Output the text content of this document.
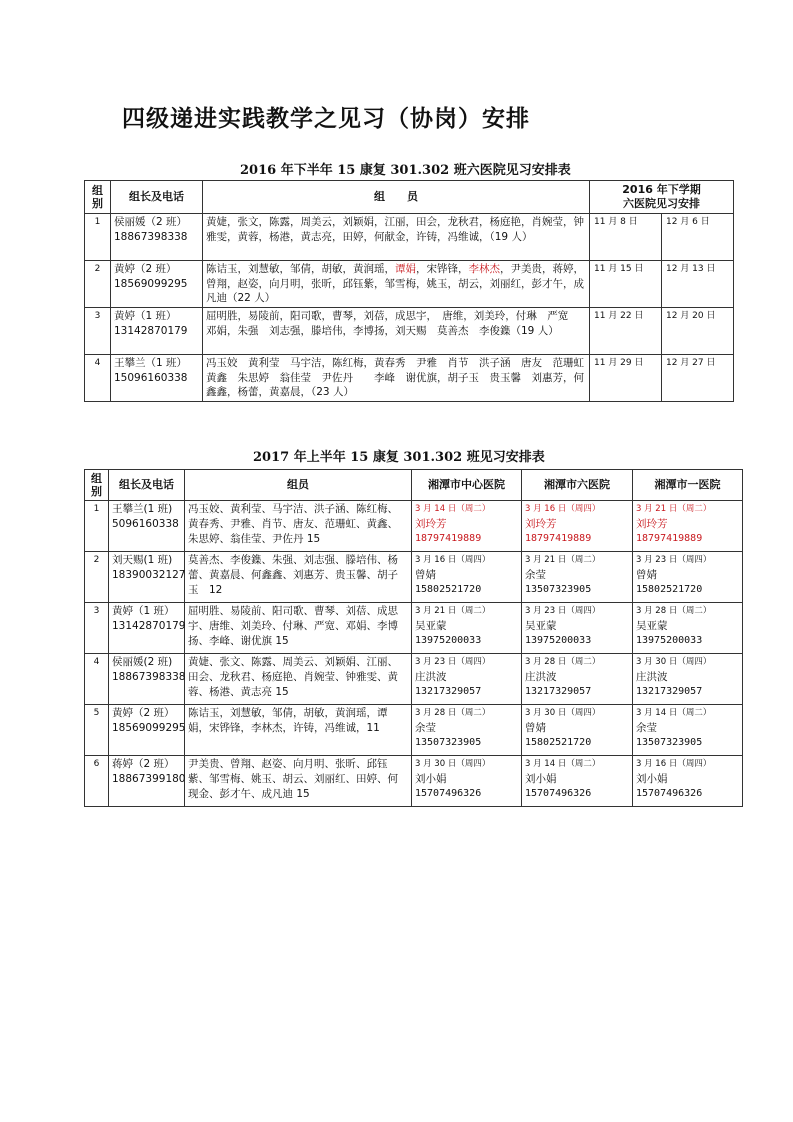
四级递进实践教学之见习（协岗）安排
2016 年下半年 15 康复 301.302 班六医院见习安排表
组别	组长及电话	组　　员	2016 年下学期
六医院见习安排	
1	侯丽媛（2 班）
18867398338	黄婕，张文，陈露，周美云，刘颖娟，江丽，田会，龙秋君，杨庭艳，肖婉莹，钟雅雯，黄蓉，杨港，黄志亮，田婷，何献金，许铸，冯维诚，（19 人）	11 月 8 日	12 月 6 日
2	黄婷（2 班）
18569099295	陈诘玉，刘慧敏，邹倩，胡敏，黄润瑶，谭娟，宋铧锋，李林杰，尹美贵，蒋婷，曾翔，赵姿，向月明，张昕，邱钰紫，邹雪梅，姚玉，胡云，刘丽红，彭才午，成凡迪（22 人）	11 月 15 日	12 月 13 日
3	黄婷（1 班）
13142870179	屈明胜，易陵前，阳司歌，曹琴，刘蓓，成思宇，　唐维，刘美玲，付琳　严宽　邓娟，朱强　刘志强，滕培伟，李博扬，刘天赐　莫善杰　李俊鏶（19 人）	11 月 22 日	12 月 20 日
4	王攀兰（1 班）
15096160338	冯玉姣　黄利莹　马宇洁，陈红梅，黄春秀　尹雅　肖节　洪子涵　唐友　范珊虹　黄鑫　朱思婷　翁佳莹　尹佐丹　　李峰　谢优旗，胡子玉　贵玉馨　刘惠芳，何鑫鑫，杨蕾，黄嘉晨，（23 人）	11 月 29 日	12 月 27 日
2017 年上半年 15 康复 301.302 班见习安排表
组别	组长及电话	组员	湘潭市中心医院	湘潭市六医院	湘潭市一医院
1	王攀兰(1 班)
5096160338	冯玉姣、黄利莹、马宇洁、洪子涵、陈红梅、黄春秀、尹雅、肖节、唐友、范珊虹、黄鑫、朱思婷、翁佳莹、尹佐丹 15	3 月 14 日（周二）
刘玲芳
18797419889	3 月 16 日（周四）
刘玲芳
18797419889	3 月 21 日（周二）
刘玲芳
18797419889

2	刘天赐(1 班)
18390032127	莫善杰、李俊鏶、朱强、刘志强、滕培伟、杨蕾、黄嘉晨、何鑫鑫、刘惠芳、贵玉馨、胡子玉　12	3 月 16 日（周四）
曾婧
15802521720	3 月 21 日（周二）
余莹
13507323905	3 月 23 日（周四）
曾婧
15802521720

3	黄婷（1 班）
13142870179	屈明胜、易陵前、阳司歌、曹琴、刘蓓、成思宇、唐维、刘美玲、付琳、严宽、邓娟、李博扬、李峰、谢优旗 15	3 月 21 日（周二）
吴亚蒙
13975200033	3 月 23 日（周四）
吴亚蒙
13975200033	3 月 28 日（周二）
吴亚蒙
13975200033

4	侯丽媛(2 班)
18867398338	黄婕、张文、陈露、周美云、刘颖娟、江丽、田会、龙秋君、杨庭艳、肖婉莹、钟雅雯、黄蓉、杨港、黄志亮 15	3 月 23 日（周四）
庄洪波
13217329057	3 月 28 日（周二）
庄洪波
13217329057	3 月 30 日（周四）
庄洪波
13217329057

5	黄婷（2 班）
18569099295	陈诘玉，刘慧敏，邹倩，胡敏，黄润瑶，谭娟，宋铧锋，李林杰，许铸，冯维诚，11	3 月 28 日（周二）
余莹
13507323905	3 月 30 日（周四）
曾婧
15802521720	3 月 14 日（周二）
余莹
13507323905

6	蒋婷（2 班）
18867399180	尹美贵、曾翔、赵姿、向月明、张昕、邱钰紫、邹雪梅、姚玉、胡云、刘丽红、田婷、何现金、彭才午、成凡迪 15	3 月 30 日（周四）
刘小娟
15707496326	3 月 14 日（周二）
刘小娟
15707496326	3 月 16 日（周四）
刘小娟
15707496326
